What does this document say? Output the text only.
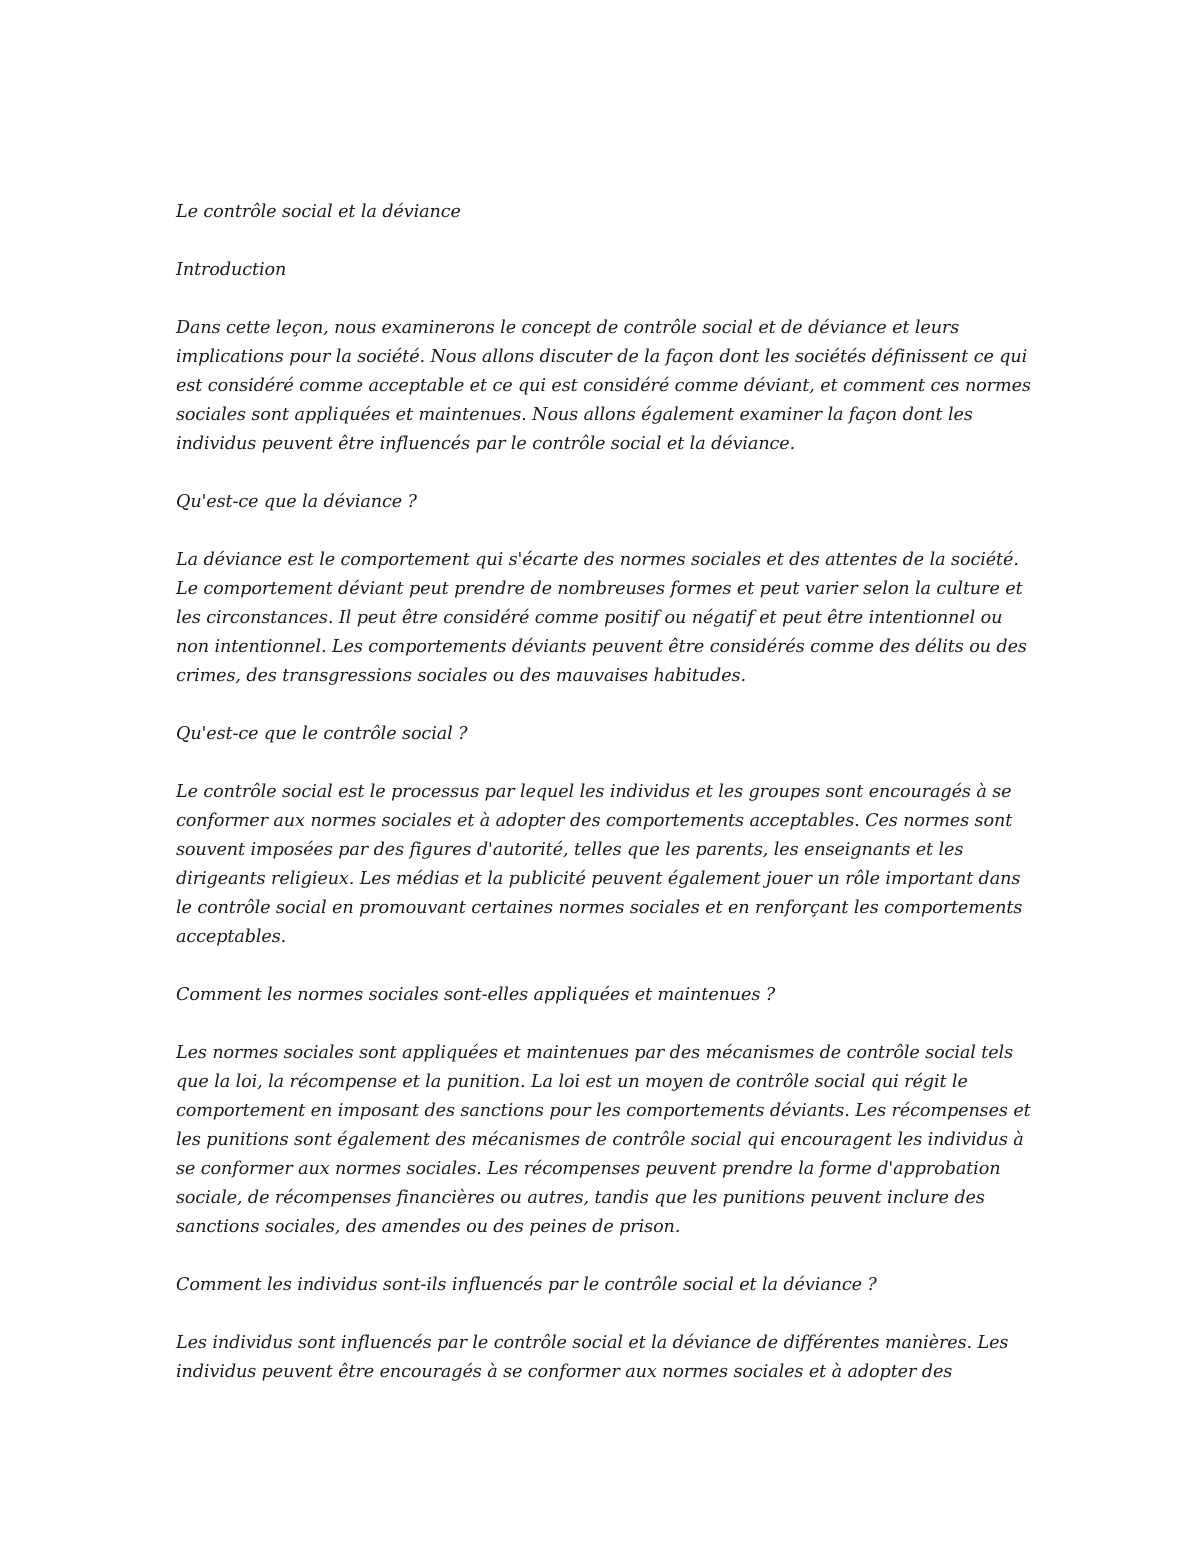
Le contrôle social et la déviance

Introduction

Dans cette leçon, nous examinerons le concept de contrôle social et de déviance et leurs implications pour la société. Nous allons discuter de la façon dont les sociétés définissent ce qui est considéré comme acceptable et ce qui est considéré comme déviant, et comment ces normes sociales sont appliquées et maintenues. Nous allons également examiner la façon dont les individus peuvent être influencés par le contrôle social et la déviance.

Qu'est-ce que la déviance ?

La déviance est le comportement qui s'écarte des normes sociales et des attentes de la société. Le comportement déviant peut prendre de nombreuses formes et peut varier selon la culture et les circonstances. Il peut être considéré comme positif ou négatif et peut être intentionnel ou non intentionnel. Les comportements déviants peuvent être considérés comme des délits ou des crimes, des transgressions sociales ou des mauvaises habitudes.

Qu'est-ce que le contrôle social ?

Le contrôle social est le processus par lequel les individus et les groupes sont encouragés à se conformer aux normes sociales et à adopter des comportements acceptables. Ces normes sont souvent imposées par des figures d'autorité, telles que les parents, les enseignants et les dirigeants religieux. Les médias et la publicité peuvent également jouer un rôle important dans le contrôle social en promouvant certaines normes sociales et en renforçant les comportements acceptables.

Comment les normes sociales sont-elles appliquées et maintenues ?

Les normes sociales sont appliquées et maintenues par des mécanismes de contrôle social tels que la loi, la récompense et la punition. La loi est un moyen de contrôle social qui régit le comportement en imposant des sanctions pour les comportements déviants. Les récompenses et les punitions sont également des mécanismes de contrôle social qui encouragent les individus à se conformer aux normes sociales. Les récompenses peuvent prendre la forme d'approbation sociale, de récompenses financières ou autres, tandis que les punitions peuvent inclure des sanctions sociales, des amendes ou des peines de prison.

Comment les individus sont-ils influencés par le contrôle social et la déviance ?

Les individus sont influencés par le contrôle social et la déviance de différentes manières. Les individus peuvent être encouragés à se conformer aux normes sociales et à adopter des
